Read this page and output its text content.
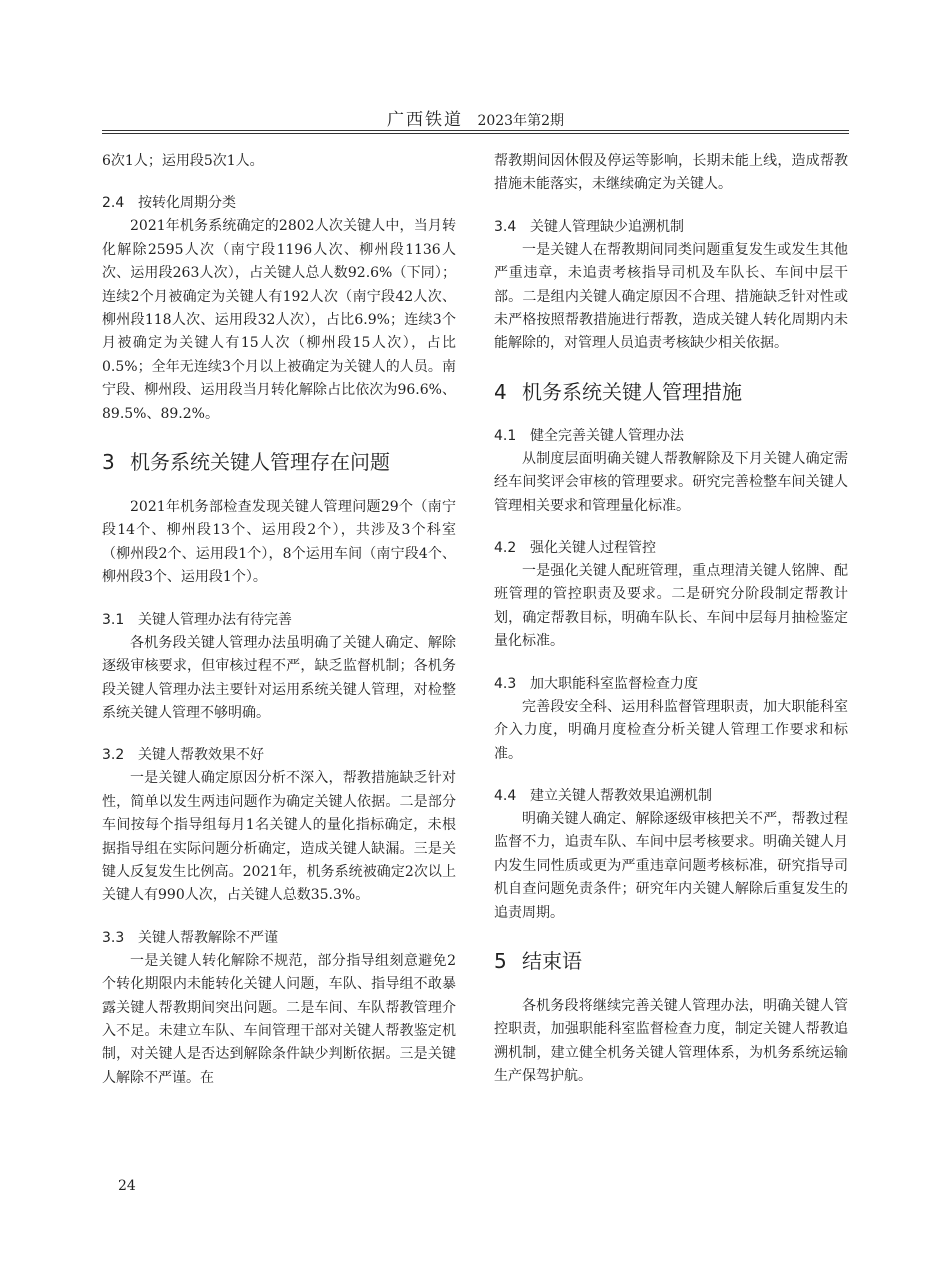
广西铁道 2023年第2期

6次1人；运用段5次1人。

2.4 按转化周期分类

2021年机务系统确定的2802人次关键人中，当月转化解除2595人次（南宁段1196人次、柳州段1136人次、运用段263人次），占关键人总人数92.6%（下同）；连续2个月被确定为关键人有192人次（南宁段42人次、柳州段118人次、运用段32人次），占比6.9%；连续3个月被确定为关键人有15人次（柳州段15人次），占比0.5%；全年无连续3个月以上被确定为关键人的人员。南宁段、柳州段、运用段当月转化解除占比依次为96.6%、89.5%、89.2%。

3 机务系统关键人管理存在问题

2021年机务部检查发现关键人管理问题29个（南宁段14个、柳州段13个、运用段2个），共涉及3个科室（柳州段2个、运用段1个），8个运用车间（南宁段4个、柳州段3个、运用段1个）。

3.1 关键人管理办法有待完善

各机务段关键人管理办法虽明确了关键人确定、解除逐级审核要求，但审核过程不严，缺乏监督机制；各机务段关键人管理办法主要针对运用系统关键人管理，对检整系统关键人管理不够明确。

3.2 关键人帮教效果不好

一是关键人确定原因分析不深入，帮教措施缺乏针对性，简单以发生两违问题作为确定关键人依据。二是部分车间按每个指导组每月1名关键人的量化指标确定，未根据指导组在实际问题分析确定，造成关键人缺漏。三是关键人反复发生比例高。2021年，机务系统被确定2次以上关键人有990人次，占关键人总数35.3%。

3.3 关键人帮教解除不严谨

一是关键人转化解除不规范，部分指导组刻意避免2个转化期限内未能转化关键人问题，车队、指导组不敢暴露关键人帮教期间突出问题。二是车间、车队帮教管理介入不足。未建立车队、车间管理干部对关键人帮教鉴定机制，对关键人是否达到解除条件缺少判断依据。三是关键人解除不严谨。在

帮教期间因休假及停运等影响，长期未能上线，造成帮教措施未能落实，未继续确定为关键人。

3.4 关键人管理缺少追溯机制

一是关键人在帮教期间同类问题重复发生或发生其他严重违章，未追责考核指导司机及车队长、车间中层干部。二是组内关键人确定原因不合理、措施缺乏针对性或未严格按照帮教措施进行帮教，造成关键人转化周期内未能解除的，对管理人员追责考核缺少相关依据。

4 机务系统关键人管理措施
4.1 健全完善关键人管理办法

从制度层面明确关键人帮教解除及下月关键人确定需经车间奖评会审核的管理要求。研究完善检整车间关键人管理相关要求和管理量化标准。

4.2 强化关键人过程管控

一是强化关键人配班管理，重点理清关键人铭牌、配班管理的管控职责及要求。二是研究分阶段制定帮教计划，确定帮教目标，明确车队长、车间中层每月抽检鉴定量化标准。

4.3 加大职能科室监督检查力度

完善段安全科、运用科监督管理职责，加大职能科室介入力度，明确月度检查分析关键人管理工作要求和标准。

4.4 建立关键人帮教效果追溯机制

明确关键人确定、解除逐级审核把关不严，帮教过程监督不力，追责车队、车间中层考核要求。明确关键人月内发生同性质或更为严重违章问题考核标准，研究指导司机自查问题免责条件；研究年内关键人解除后重复发生的追责周期。

5 结束语

各机务段将继续完善关键人管理办法，明确关键人管控职责，加强职能科室监督检查力度，制定关键人帮教追溯机制，建立健全机务关键人管理体系，为机务系统运输生产保驾护航。

24
